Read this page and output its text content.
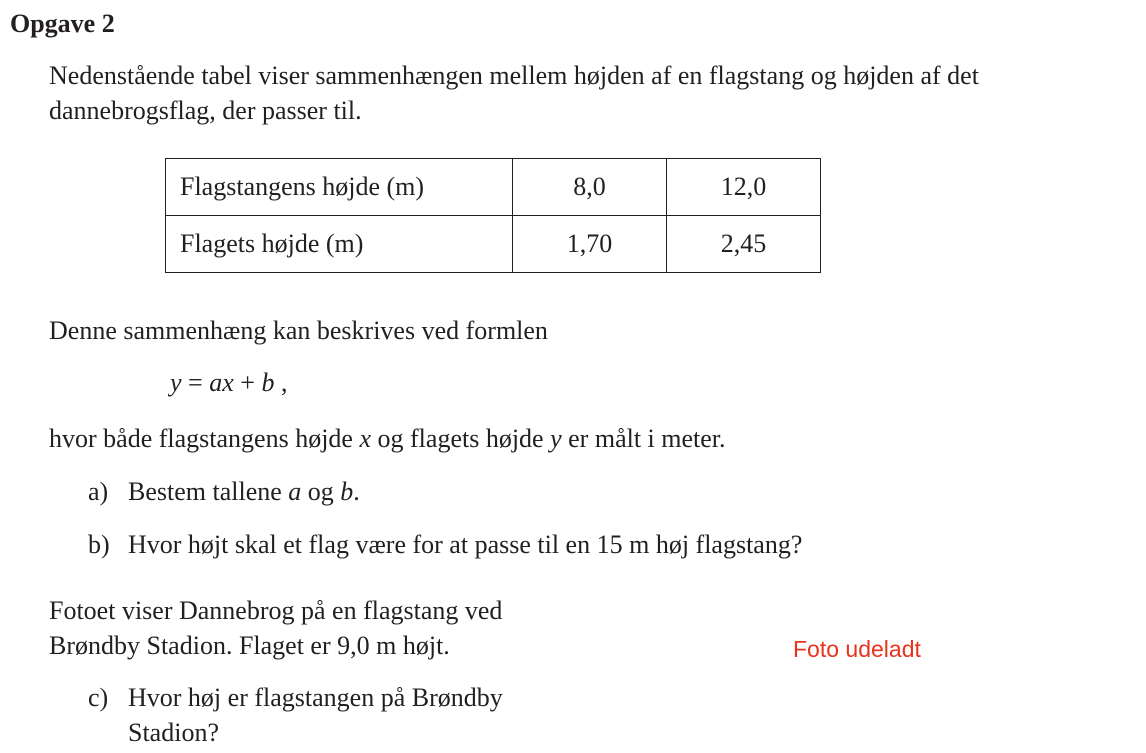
Opgave 2
Nedenstående tabel viser sammenhængen mellem højden af en flagstang og højden af det
dannebrogsflag, der passer til.
Flagstangens højde (m)	8,0	12,0
Flagets højde (m)	1,70	2,45
Denne sammenhæng kan beskrives ved formlen
y = ax + b ,
hvor både flagstangens højde x og flagets højde y er målt i meter.
a) Bestem tallene a og b.
b) Hvor højt skal et flag være for at passe til en 15 m høj flagstang?
Fotoet viser Dannebrog på en flagstang ved
Brøndby Stadion. Flaget er 9,0 m højt.	Foto udeladt
c) Hvor høj er flagstangen på Brøndby
Stadion?
